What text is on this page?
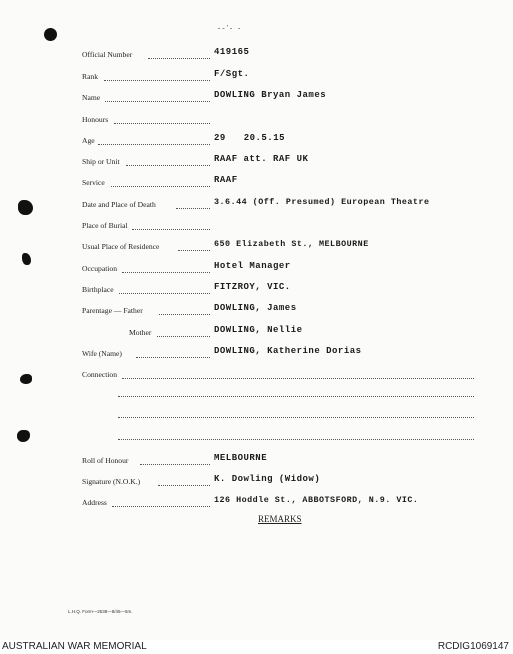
--'- -
Official Number	419165
Rank	F/Sgt.
Name	DOWLING Bryan James
Honours
Age	29 20.5.15
Ship or Unit	RAAF att. RAF UK
Service	RAAF
Date and Place of Death	3.6.44 (Off. Presumed) European Theatre
Place of Burial
Usual Place of Residence	650 Elizabeth St., MELBOURNE
Occupation	Hotel Manager
Birthplace	FITZROY, VIC.
Parentage — Father	DOWLING, James
Mother	DOWLING, Nellie
Wife (Name)	DOWLING, Katherine Dorias
Connection
Roll of Honour	MELBOURNE
Signature (N.O.K.)	K. Dowling (Widow)
Address	126 Hoddle St., ABBOTSFORD, N.9. VIC.
REMARKS
L.H.Q. Form—2538—8/45—5m.
AUSTRALIAN WAR MEMORIAL	RCDIG1069147
